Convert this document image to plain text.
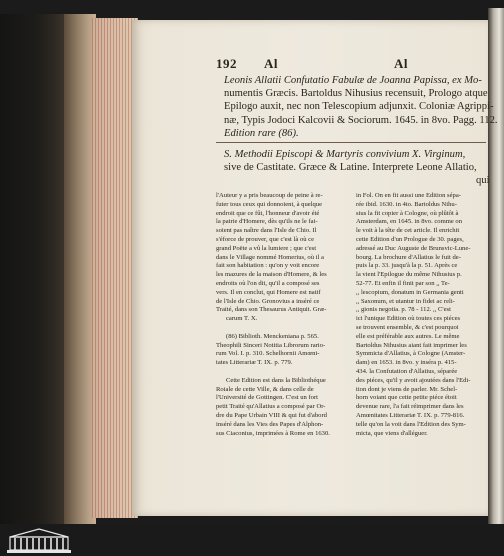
192 Al	Al
Leonis Allatii Confutatio Fabulæ de Joanna Papissa, ex Mo-
numentis Græcis. Bartoldus Nihusius recensuit, Prologo atque
Epilogo auxit, nec non Telescopium adjunxit. Coloniæ Agrippi-
næ, Typis Jodoci Kalcovii & Sociorum. 1645. in 8vo. Pagg. 112.
Edition rare (86).
S. Methodii Episcopi & Martyris convivium X. Virginum,
sive de Castitate. Græce & Latine. Interprete Leone Allatio,
qui
l'Auteur y a pris beaucoup de peine à re-
futer tous ceux qui donnoient, à quelque
endroit que ce fût, l'honneur d'avoir été
la patrie d'Homere, dès qu'ils ne le fai-
soient pas naître dans l'Isle de Chio. Il
s'éforce de prouver, que c'est là où ce
grand Poëte a vû la lumiere ; que c'est
dans le Village nommé Homerius, où il a
fait son habitation : qu'on y voit encore
les mazures de la maison d'Homere, & les
endroits où l'on dit, qu'il a composé ses
vers. Il en conclut, qui Homere est natif
de l'Isle de Chio. Gronovius a inséré ce
Traité, dans son Thesaurus Antiquit. Græ-
carum T. X.
(86) Biblioth. Menckeniana p. 565.
Theophili Sinceri Notitia Librorum rario-
rum Vol. I. p. 310. Schelhornii Amœni-
tates Litterariæ T. IX. p. 779.
Cette Edition est dans la Bibliothéque
Roiale de cette Ville, & dans celle de
l'Université de Gottingen. C'est un fort
petit Traité qu'Allatius a composé par Or-
dre du Pape Urbain VIII & qui fut d'abord
inséré dans les Vies des Papes d'Alphon-
sus Ciaconius, imprimées à Rome en 1630.
in Fol. On en fit aussi une Edition sépa-
rée ibid. 1630. in 4to. Bartoldus Nihu-
sius la fit copier à Cologne, où plûtôt à
Amsterdam, en 1645. in 8vo. comme on
le voit à la tête de cet article. Il enrichit
cette Edition d'un Prologue de 30. pages,
adressé au Duc Auguste de Brunsvic-Lune-
bourg. La brochure d'Allatius le fuit de-
puis la p. 33. jusqu'à la p. 51. Après ce
la vient l'Epilogue du même Nihusius p.
52-77. Et enfin il finit par son ,, Te-
,, lescopium, donatum in Germania genti
,, Saxonum, et utantur in fidei ac reli-
,, gionis negotia. p. 78 - 112. ,, C'est
ici l'unique Edition où toutes ces piéces
se trouvent ensemble, & c'est pourquoi
elle est préférable aux autres. Le même
Bartoldus Nihusius aiant fait imprimer les
Symmicta d'Allatius, à Cologne (Amster-
dam) en 1653. in 8vo. y inséra p. 415-
434. la Confutation d'Allatius, séparée
des piéces, qu'il y avoit ajoutées dans l'Edi-
tion dont je viens de parler. Mr. Schel-
horn voiant que cette petite piéce étoit
devenue rare, l'a fait réimprimer dans les
Amœnitates Litterariæ T. IX. p. 779-816.
telle qu'on la voit dans l'Edition des Sym-
micta, que viens d'alléguer.
